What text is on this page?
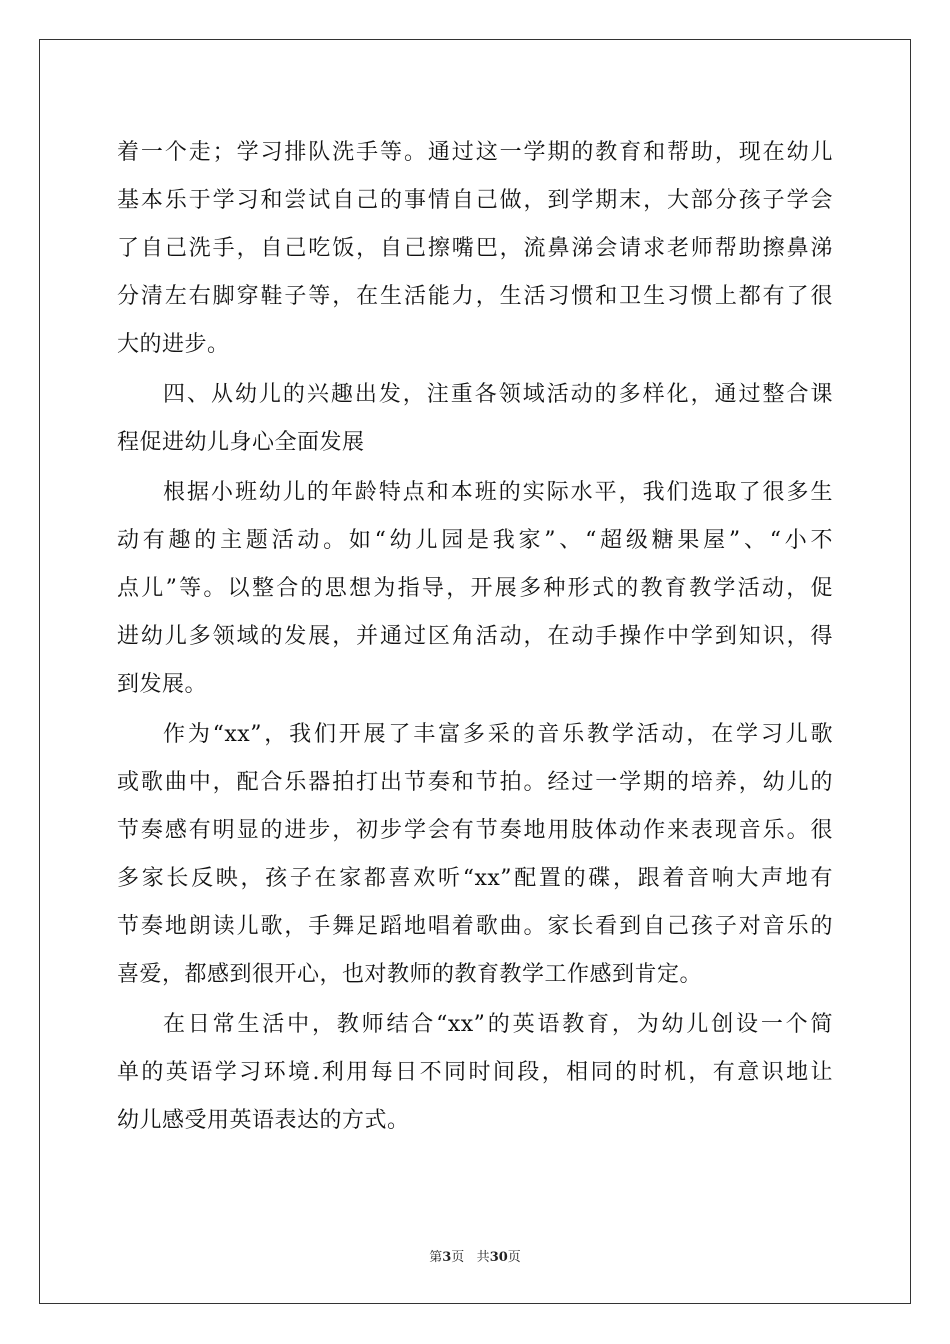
着一个走；学习排队洗手等。通过这一学期的教育和帮助，现在幼儿
基本乐于学习和尝试自己的事情自己做，到学期末，大部分孩子学会
了自己洗手，自己吃饭，自己擦嘴巴，流鼻涕会请求老师帮助擦鼻涕
分清左右脚穿鞋子等，在生活能力，生活习惯和卫生习惯上都有了很
大的进步。
四、从幼儿的兴趣出发，注重各领域活动的多样化，通过整合课
程促进幼儿身心全面发展
根据小班幼儿的年龄特点和本班的实际水平，我们选取了很多生
动有趣的主题活动。如“幼儿园是我家”、“超级糖果屋”、“小不
点儿”等。以整合的思想为指导，开展多种形式的教育教学活动，促
进幼儿多领域的发展，并通过区角活动，在动手操作中学到知识，得
到发展。
作为“xx”，我们开展了丰富多采的音乐教学活动，在学习儿歌
或歌曲中，配合乐器拍打出节奏和节拍。经过一学期的培养，幼儿的
节奏感有明显的进步，初步学会有节奏地用肢体动作来表现音乐。很
多家长反映，孩子在家都喜欢听“xx”配置的碟，跟着音响大声地有
节奏地朗读儿歌，手舞足蹈地唱着歌曲。家长看到自己孩子对音乐的
喜爱，都感到很开心，也对教师的教育教学工作感到肯定。
在日常生活中，教师结合“xx”的英语教育，为幼儿创设一个简
单的英语学习环境.利用每日不同时间段，相同的时机，有意识地让
幼儿感受用英语表达的方式。
第3页 共30页
